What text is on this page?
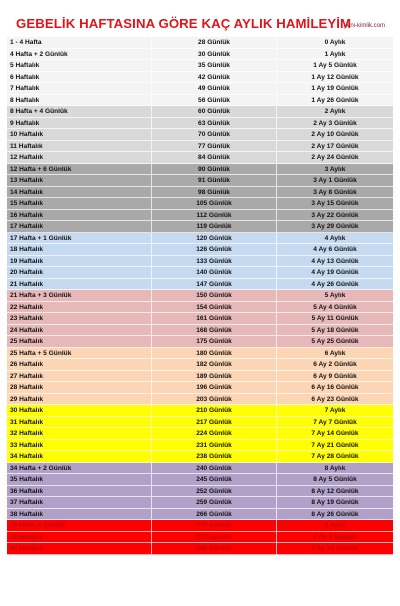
GEBELİK HAFTASINA GÖRE KAÇ AYLIK HAMİLEYİM
yeni-kimlik.com
1 - 4 Hafta	28 Günlük	0 Aylık
4 Hafta + 2 Günlük	30 Günlük	1 Aylık
5 Haftalık	35 Günlük	1 Ay 5 Günlük
6 Haftalık	42 Günlük	1 Ay 12 Günlük
7 Haftalık	49 Günlük	1 Ay 19 Günlük
8 Haftalık	56 Günlük	1 Ay 26 Günlük
8 Hafta + 4 Günlük	60 Günlük	2 Aylık
9 Haftalık	63 Günlük	2 Ay 3 Günlük
10 Haftalık	70 Günlük	2 Ay 10 Günlük
11 Haftalık	77 Günlük	2 Ay 17 Günlük
12 Haftalık	84 Günlük	2 Ay 24 Günlük
12 Hafta + 6 Günlük	90 Günlük	3 Aylık
13 Haftalık	91 Günlük	3 Ay 1 Günlük
14 Haftalık	98 Günlük	3 Ay 8 Günlük
15 Haftalık	105 Günlük	3 Ay 15 Günlük
16 Haftalık	112 Günlük	3 Ay 22 Günlük
17 Haftalık	119 Günlük	3 Ay 29 Günlük
17 Hafta + 1 Günlük	120 Günlük	4 Aylık
18 Haftalık	126 Günlük	4 Ay 6 Günlük
19 Haftalık	133 Günlük	4 Ay 13 Günlük
20 Haftalık	140 Günlük	4 Ay 19 Günlük
21 Haftalık	147 Günlük	4 Ay 26 Günlük
21 Hafta + 3 Günlük	150 Günlük	5 Aylık
22 Haftalık	154 Günlük	5 Ay 4 Günlük
23 Haftalık	161 Günlük	5 Ay 11 Günlük
24 Haftalık	168 Günlük	5 Ay 18 Günlük
25 Haftalık	175 Günlük	5 Ay 25 Günlük
25 Hafta + 5 Günlük	180 Günlük	6 Aylık
26 Haftalık	182 Günlük	6 Ay 2 Günlük
27 Haftalık	189 Günlük	6 Ay 9 Günlük
28 Haftalık	196 Günlük	6 Ay 16 Günlük
29 Haftalık	203 Günlük	6 Ay 23 Günlük
30 Haftalık	210 Günlük	7 Aylık
31 Haftalık	217 Günlük	7 Ay 7 Günlük
32 Haftalık	224 Günlük	7 Ay 14 Günlük
33 Haftalık	231 Günlük	7 Ay 21 Günlük
34 Haftalık	238 Günlük	7 Ay 28 Günlük
34 Hafta + 2 Günlük	240 Günlük	8 Aylık
35 Haftalık	245 Günlük	8 Ay 5 Günlük
36 Haftalık	252 Günlük	8 Ay 12 Günlük
37 Haftalık	259 Günlük	8 Ay 19 Günlük
38 Haftalık	266 Günlük	8 Ay 26 Günlük
38 Hafta 4 Günlük	270 Günlük	9 Aylık
39 Haftalık	273 Günlük	9 Ay 3 Günlük
40 Haftalık	280 Günlük	9 Ay 10 Günlük
